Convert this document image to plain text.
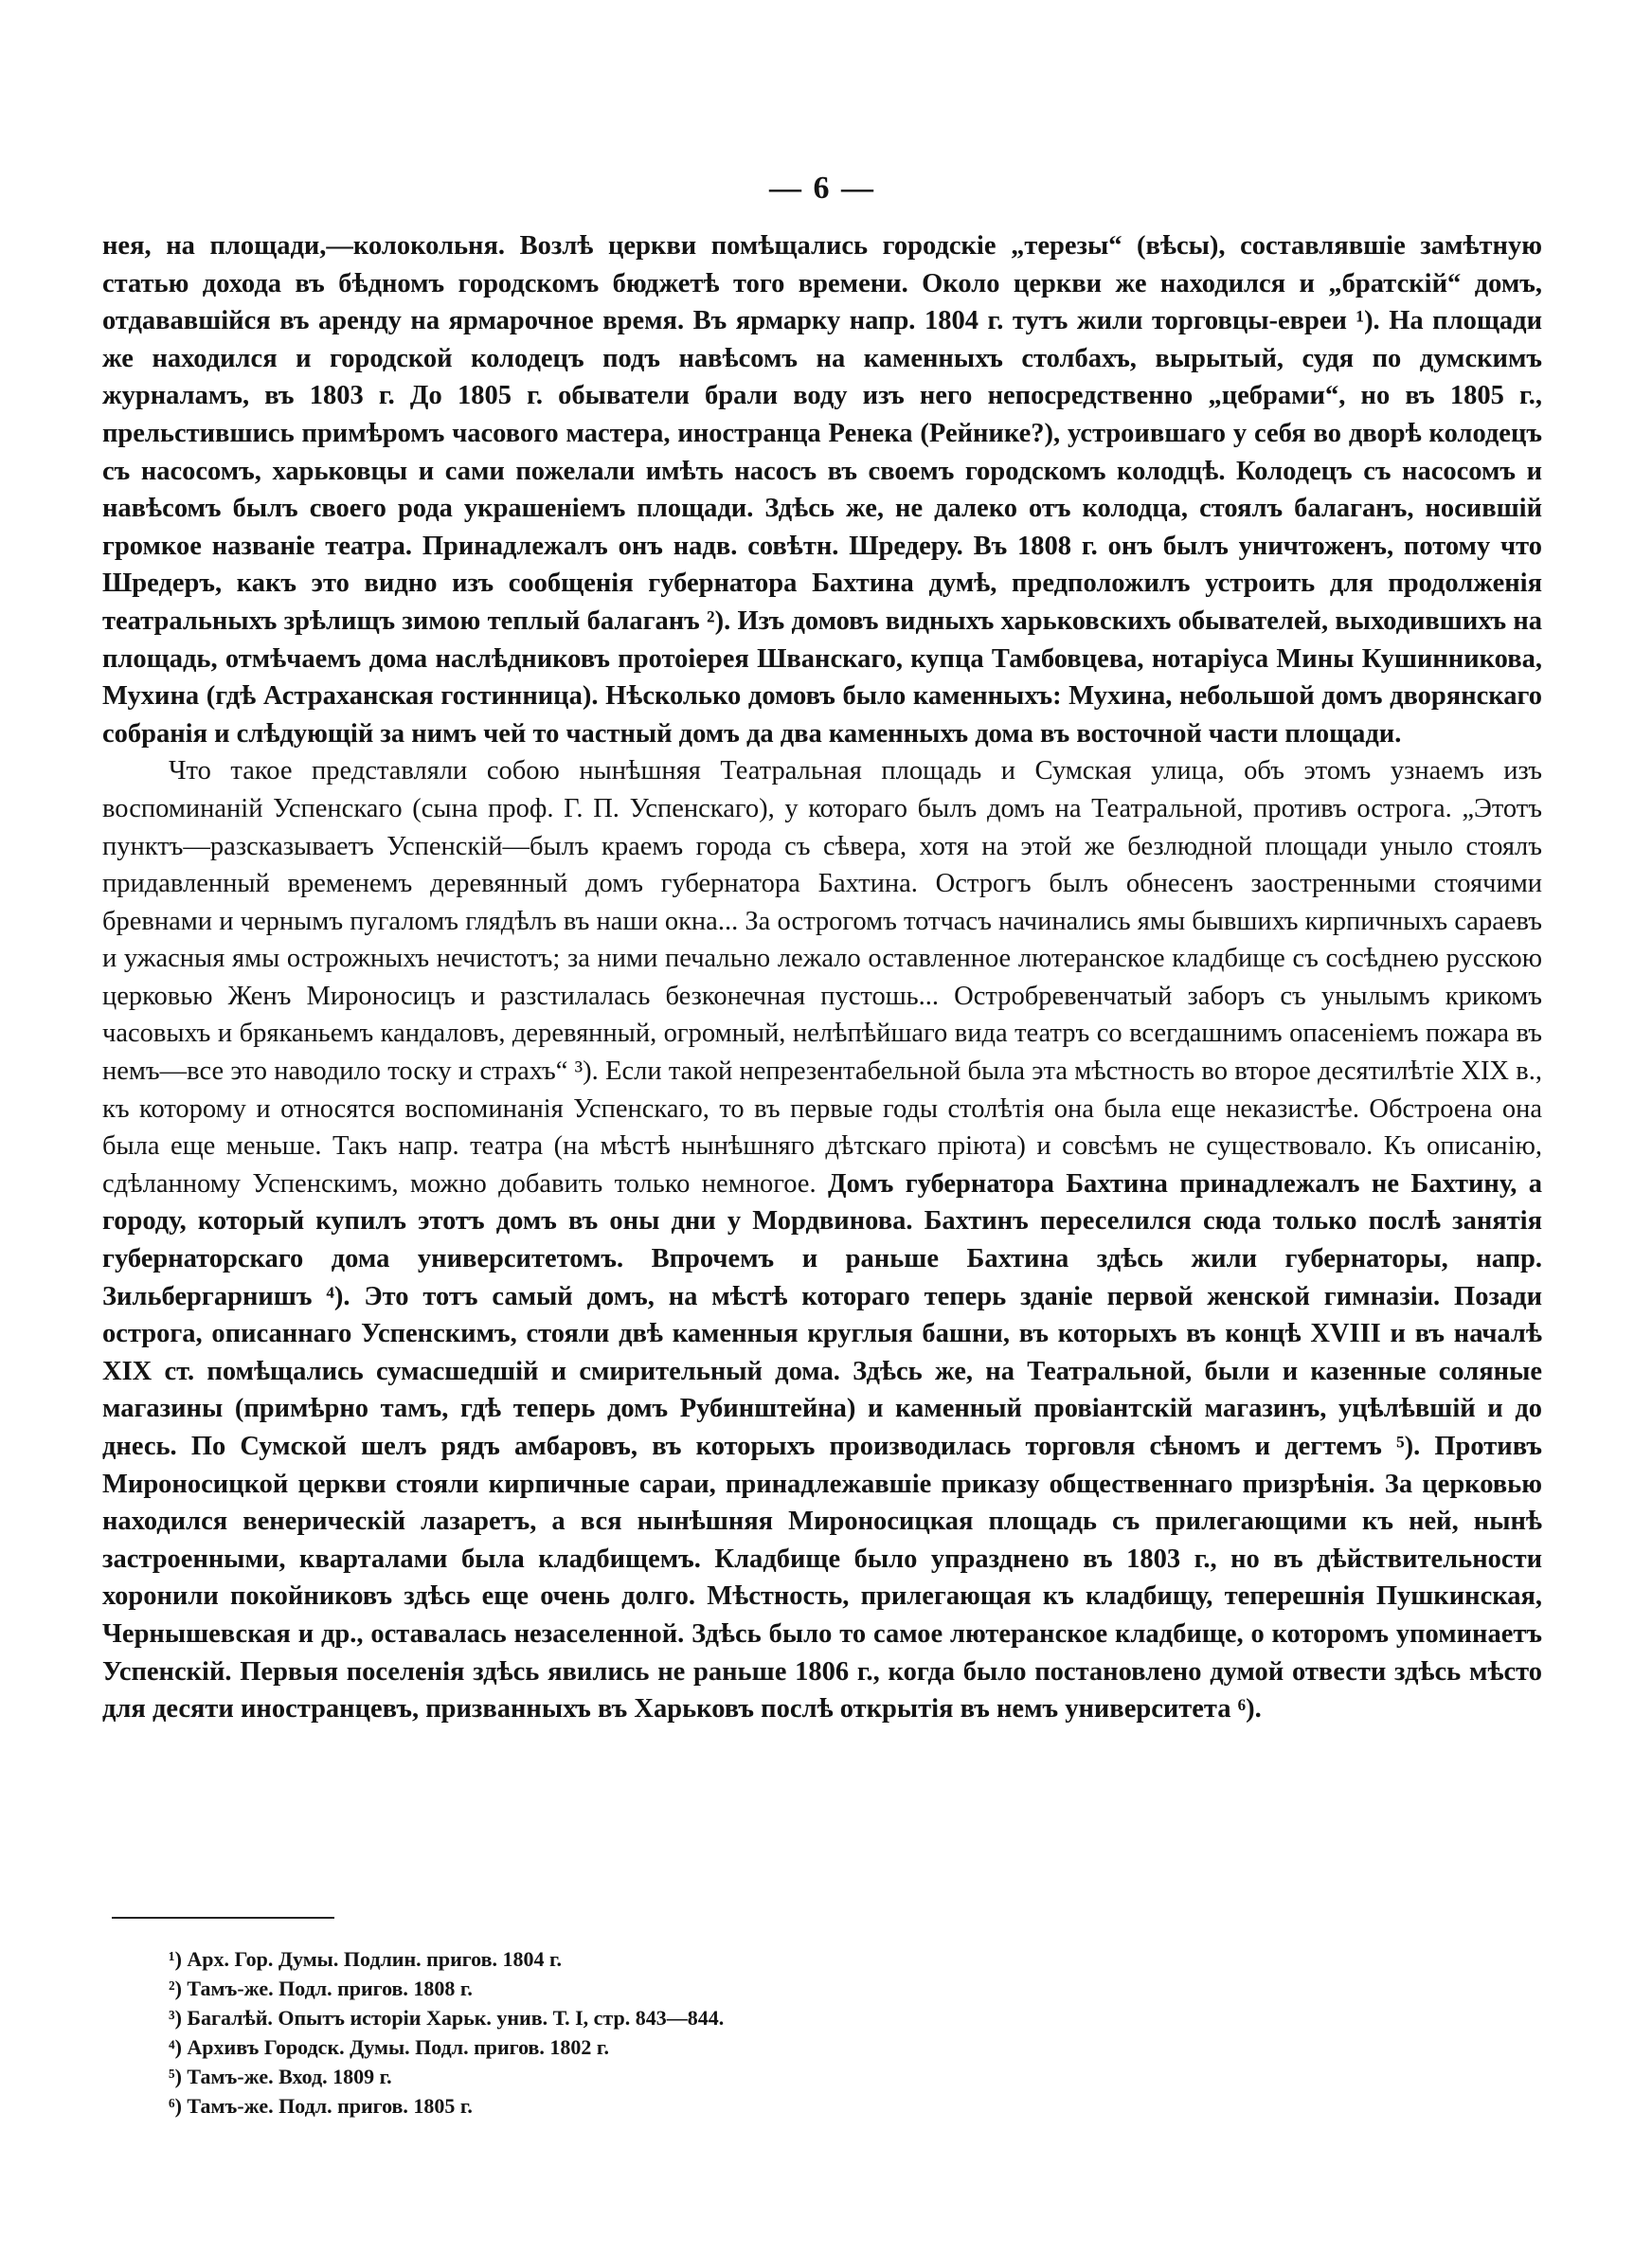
— 6 —

нея, на площади,—колокольня. Возлѣ церкви помѣщались городскіе „терезы“ (вѣсы), составлявшіе замѣтную статью дохода въ бѣдномъ городскомъ бюджетѣ того времени. Около церкви же находился и „братскій“ домъ, отдававшійся въ аренду на ярмарочное время. Въ ярмарку напр. 1804 г. тутъ жили торговцы-евреи ¹). На площади же находился и городской колодецъ подъ навѣсомъ на каменныхъ столбахъ, вырытый, судя по думскимъ журналамъ, въ 1803 г. До 1805 г. обыватели брали воду изъ него непосредственно „цебрами“, но въ 1805 г., прельстившись примѣромъ часового мастера, иностранца Ренека (Рейнике?), устроившаго у себя во дворѣ колодецъ съ насосомъ, харьковцы и сами пожелали имѣть насосъ въ своемъ городскомъ колодцѣ. Колодецъ съ насосомъ и навѣсомъ былъ своего рода украшеніемъ площади. Здѣсь же, не далеко отъ колодца, стоялъ балаганъ, носившій громкое названіе театра. Принадлежалъ онъ надв. совѣтн. Шредеру. Въ 1808 г. онъ былъ уничтоженъ, потому что Шредеръ, какъ это видно изъ сообщенія губернатора Бахтина думѣ, предположилъ устроить для продолженія театральныхъ зрѣлищъ зимою теплый балаганъ ²). Изъ домовъ видныхъ харьковскихъ обывателей, выходившихъ на площадь, отмѣчаемъ дома наслѣдниковъ протоіерея Шванскаго, купца Тамбовцева, нотаріуса Мины Кушинникова, Мухина (гдѣ Астраханская гостинница). Нѣсколько домовъ было каменныхъ: Мухина, небольшой домъ дворянскаго собранія и слѣдующій за нимъ чей то частный домъ да два каменныхъ дома въ восточной части площади.

Что такое представляли собою нынѣшняя Театральная площадь и Сумская улица, объ этомъ узнаемъ изъ воспоминаній Успенскаго (сына проф. Г. П. Успенскаго), у котораго былъ домъ на Театральной, противъ острога. „Этотъ пунктъ—разсказываетъ Успенскій—былъ краемъ города съ сѣвера, хотя на этой же безлюдной площади уныло стоялъ придавленный временемъ деревянный домъ губернатора Бахтина. Острогъ былъ обнесенъ заостренными стоячими бревнами и чернымъ пугаломъ глядѣлъ въ наши окна... За острогомъ тотчасъ начинались ямы бывшихъ кирпичныхъ сараевъ и ужасныя ямы острожныхъ нечистотъ; за ними печально лежало оставленное лютеранское кладбище съ сосѣднею русскою церковью Женъ Мироносицъ и разстилалась безконечная пустошь... Остробревенчатый заборъ съ унылымъ крикомъ часовыхъ и бряканьемъ кандаловъ, деревянный, огромный, нелѣпѣйшаго вида театръ со всегдашнимъ опасеніемъ пожара въ немъ—все это наводило тоску и страхъ“ ³). Если такой непрезентабельной была эта мѣстность во второе десятилѣтіе XIX в., къ которому и относятся воспоминанія Успенскаго, то въ первые годы столѣтія она была еще неказистѣе. Обстроена она была еще меньше. Такъ напр. театра (на мѣстѣ нынѣшняго дѣтскаго пріюта) и совсѣмъ не существовало. Къ описанію, сдѣланному Успенскимъ, можно добавить только немногое. Домъ губернатора Бахтина принадлежалъ не Бахтину, а городу, который купилъ этотъ домъ въ оны дни у Мордвинова. Бахтинъ переселился сюда только послѣ занятія губернаторскаго дома университетомъ. Впрочемъ и раньше Бахтина здѣсь жили губернаторы, напр. Зильбергарнишъ ⁴). Это тотъ самый домъ, на мѣстѣ котораго теперь зданіе первой женской гимназіи. Позади острога, описаннаго Успенскимъ, стояли двѣ каменныя круглыя башни, въ которыхъ въ концѣ XVIII и въ началѣ XIX ст. помѣщались сумасшедшій и смирительный дома. Здѣсь же, на Театральной, были и казенные соляные магазины (примѣрно тамъ, гдѣ теперь домъ Рубинштейна) и каменный провіантскій магазинъ, уцѣлѣвшій и до днесь. По Сумской шелъ рядъ амбаровъ, въ которыхъ производилась торговля сѣномъ и дегтемъ ⁵). Противъ Мироносицкой церкви стояли кирпичные сараи, принадлежавшіе приказу общественнаго призрѣнія. За церковью находился венерическій лазаретъ, а вся нынѣшняя Мироносицкая площадь съ прилегающими къ ней, нынѣ застроенными, кварталами была кладбищемъ. Кладбище было упразднено въ 1803 г., но въ дѣйствительности хоронили покойниковъ здѣсь еще очень долго. Мѣстность, прилегающая къ кладбищу, теперешнія Пушкинская, Чернышевская и др., оставалась незаселенной. Здѣсь было то самое лютеранское кладбище, о которомъ упоминаетъ Успенскій. Первыя поселенія здѣсь явились не раньше 1806 г., когда было постановлено думой отвести здѣсь мѣсто для десяти иностранцевъ, призванныхъ въ Харьковъ послѣ открытія въ немъ университета ⁶).

¹) Арх. Гор. Думы. Подлин. пригов. 1804 г.
²) Тамъ-же. Подл. пригов. 1808 г.
³) Багалѣй. Опытъ исторіи Харьк. унив. Т. I, стр. 843—844.
⁴) Архивъ Городск. Думы. Подл. пригов. 1802 г.
⁵) Тамъ-же. Вход. 1809 г.
⁶) Тамъ-же. Подл. пригов. 1805 г.
